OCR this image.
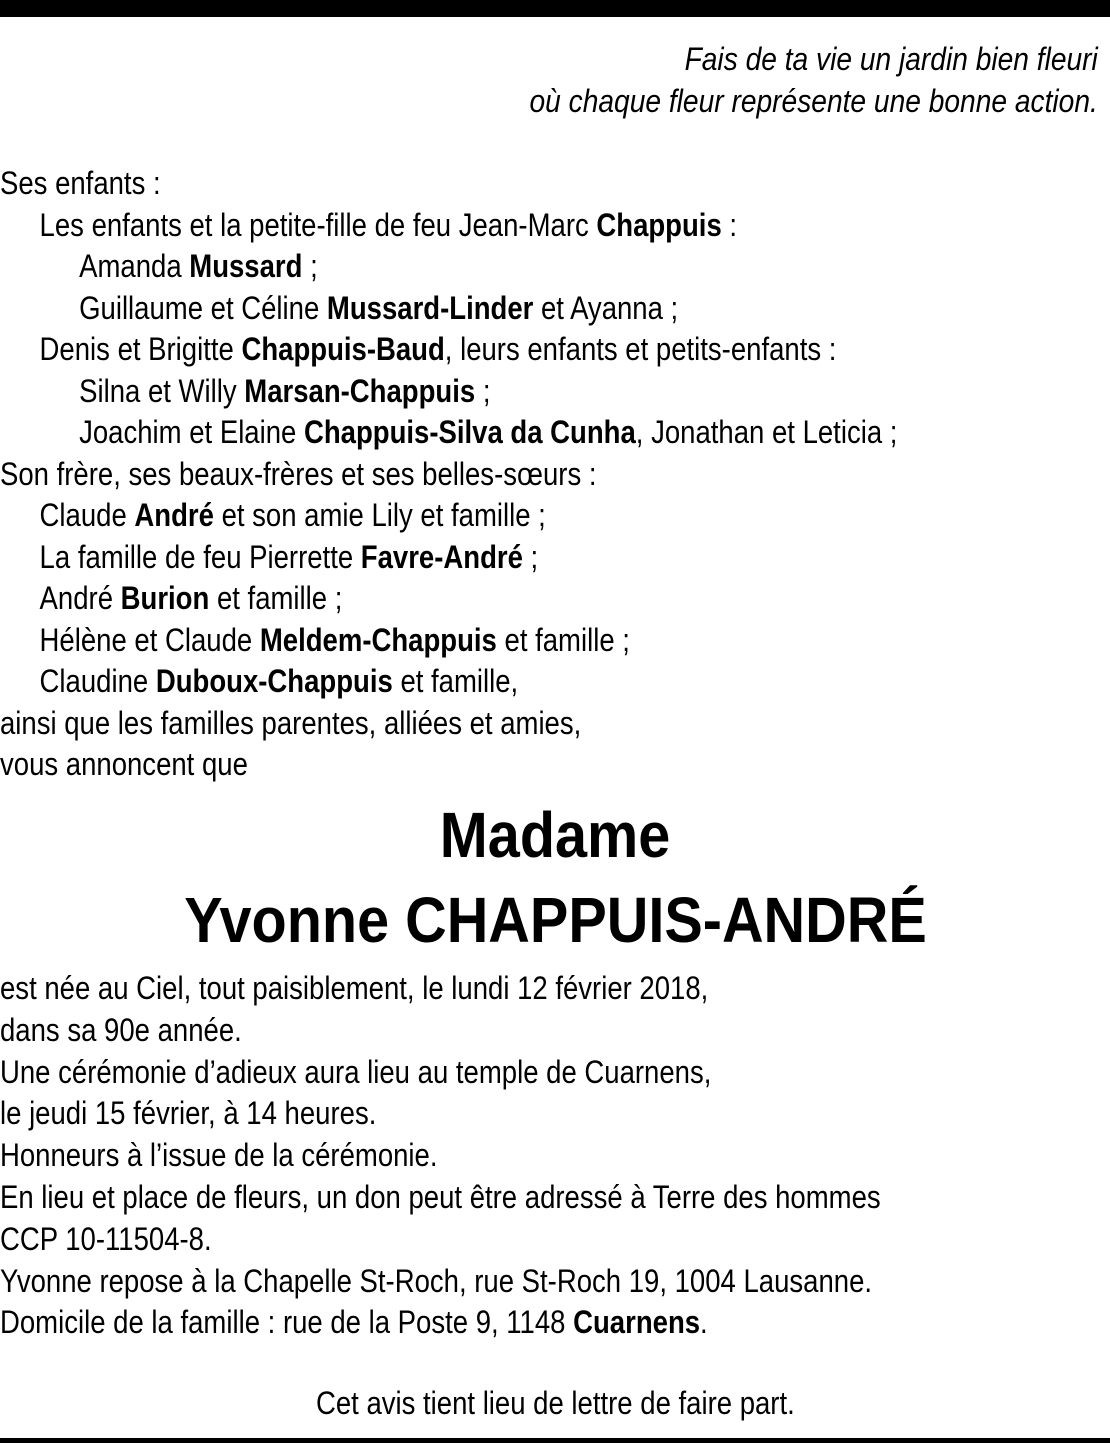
Fais de ta vie un jardin bien fleuri
où chaque fleur représente une bonne action.
Ses enfants :
Les enfants et la petite-fille de feu Jean-Marc Chappuis :
Amanda Mussard ;
Guillaume et Céline Mussard-Linder et Ayanna ;
Denis et Brigitte Chappuis-Baud, leurs enfants et petits-enfants :
Silna et Willy Marsan-Chappuis ;
Joachim et Elaine Chappuis-Silva da Cunha, Jonathan et Leticia ;
Son frère, ses beaux-frères et ses belles-sœurs :
Claude André et son amie Lily et famille ;
La famille de feu Pierrette Favre-André ;
André Burion et famille ;
Hélène et Claude Meldem-Chappuis et famille ;
Claudine Duboux-Chappuis et famille,
ainsi que les familles parentes, alliées et amies,
vous annoncent que
Madame
Yvonne CHAPPUIS-ANDRÉ
est née au Ciel, tout paisiblement, le lundi 12 février 2018,
dans sa 90e année.
Une cérémonie d’adieux aura lieu au temple de Cuarnens,
le jeudi 15 février, à 14 heures.
Honneurs à l’issue de la cérémonie.
En lieu et place de fleurs, un don peut être adressé à Terre des hommes
CCP 10-11504-8.
Yvonne repose à la Chapelle St-Roch, rue St-Roch 19, 1004 Lausanne.
Domicile de la famille : rue de la Poste 9, 1148 Cuarnens.
Cet avis tient lieu de lettre de faire part.
